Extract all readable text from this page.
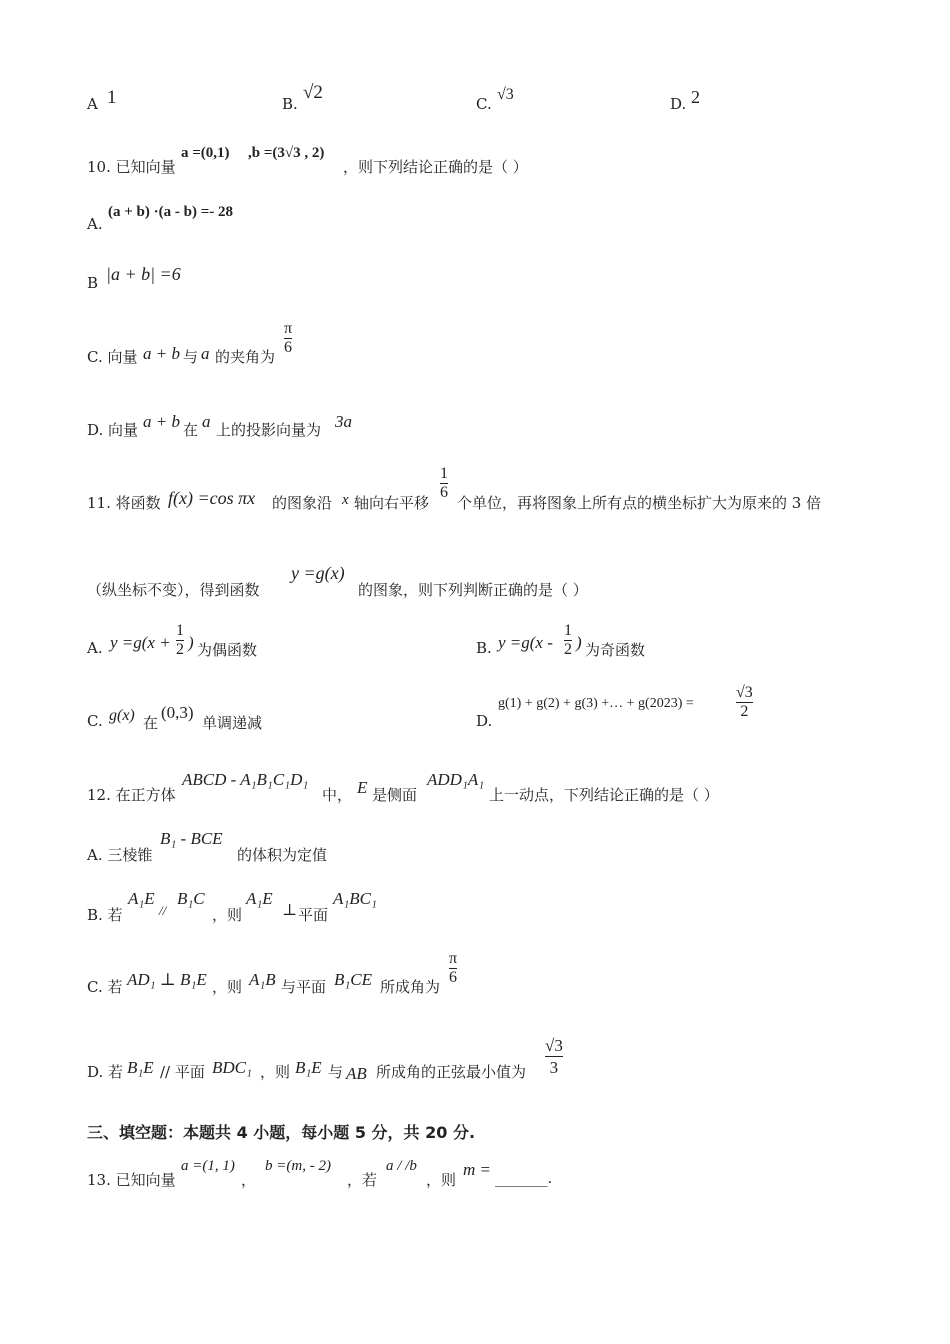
A 1	B.
√2
C.
√3
D. 2
10. 已知向量
a =(0,1) ,b =(3√3 , 2)
，则下列结论正确的是（ ）
A.
(a + b) ·(a - b) =- 28
B |a + b| =6
C. 向量 a + b 与 a 的夹角为
π
6
D. 向量 a + b 在 a 上的投影向量为 3a
11. 将函数 f(x) =cos πx 的图象沿 x 轴向右平移
1
6
个单位，再将图象上所有点的横坐标扩大为原来的 3 倍
（纵坐标不变），得到函数
y =g(x)
的图象，则下列判断正确的是（ ）
A. y =g(x +
1
2 ) 为偶函数	B. y =g(x -
1
2 ) 为奇函数
C. g(x) 在
(0,3)
单调递减	D.
g(1) + g(2) + g(3) +… + g(2023) =
√3
2
12. 在正方体
ABCD - A₁B₁C₁D₁
中， E 是侧面
ADD₁A₁
上一动点，下列结论正确的是（ ）
A. 三棱锥
B₁ - BCE
的体积为定值
B. 若
A₁E
//
B₁C
，则
A₁E
⊥ 平面
A₁BC₁
C. 若 AD₁ ⊥ B₁E ，则 A₁B 与平面 B₁CE 所成角为
π
6
D. 若 B₁E // 平面 BDC₁ ，则 B₁E 与 AB 所成角的正弦最小值为
√3
3
三、填空题：本题共 4 小题，每小题 5 分，共 20 分.
13. 已知向量
a =(1, 1)
，
b =(m, - 2)
，若
a / /b
，则
m = _______.
